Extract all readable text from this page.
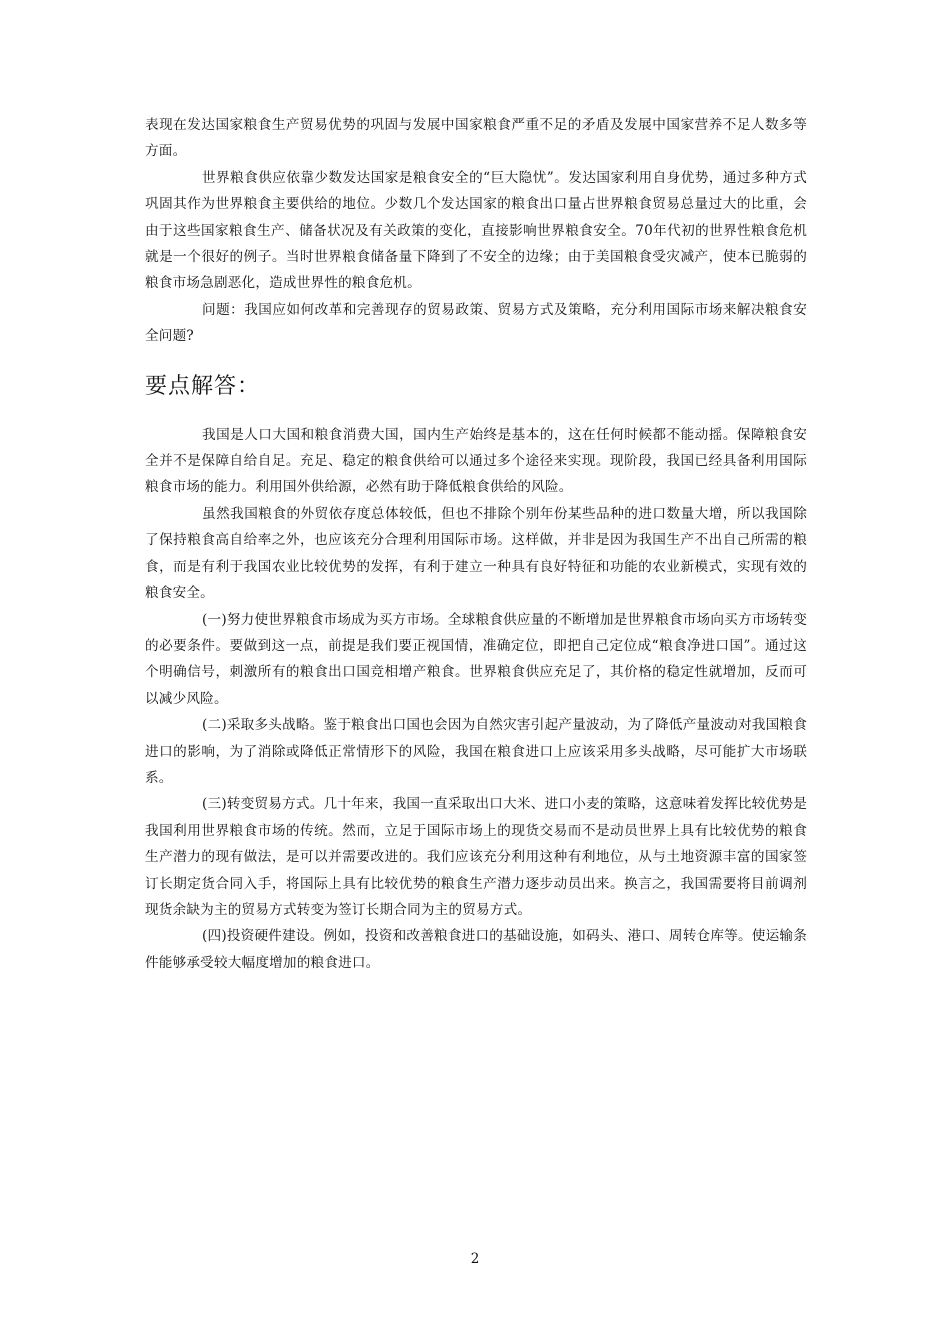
表现在发达国家粮食生产贸易优势的巩固与发展中国家粮食严重不足的矛盾及发展中国家营养不足人数多等方面。

世界粮食供应依靠少数发达国家是粮食安全的“巨大隐忧”。发达国家利用自身优势，通过多种方式巩固其作为世界粮食主要供给的地位。少数几个发达国家的粮食出口量占世界粮食贸易总量过大的比重，会由于这些国家粮食生产、储备状况及有关政策的变化，直接影响世界粮食安全。70年代初的世界性粮食危机就是一个很好的例子。当时世界粮食储备量下降到了不安全的边缘；由于美国粮食受灾减产，使本已脆弱的粮食市场急剧恶化，造成世界性的粮食危机。

问题：我国应如何改革和完善现存的贸易政策、贸易方式及策略，充分利用国际市场来解决粮食安全问题?

要点解答：

我国是人口大国和粮食消费大国，国内生产始终是基本的，这在任何时候都不能动摇。保障粮食安全并不是保障自给自足。充足、稳定的粮食供给可以通过多个途径来实现。现阶段，我国已经具备利用国际粮食市场的能力。利用国外供给源，必然有助于降低粮食供给的风险。

虽然我国粮食的外贸依存度总体较低，但也不排除个别年份某些品种的进口数量大增，所以我国除了保持粮食高自给率之外，也应该充分合理利用国际市场。这样做，并非是因为我国生产不出自己所需的粮食，而是有利于我国农业比较优势的发挥，有利于建立一种具有良好特征和功能的农业新模式，实现有效的粮食安全。

(一)努力使世界粮食市场成为买方市场。全球粮食供应量的不断增加是世界粮食市场向买方市场转变的必要条件。要做到这一点，前提是我们要正视国情，准确定位，即把自己定位成“粮食净进口国”。通过这个明确信号，刺激所有的粮食出口国竞相增产粮食。世界粮食供应充足了，其价格的稳定性就增加，反而可以减少风险。

(二)采取多头战略。鉴于粮食出口国也会因为自然灾害引起产量波动，为了降低产量波动对我国粮食进口的影响，为了消除或降低正常情形下的风险，我国在粮食进口上应该采用多头战略，尽可能扩大市场联系。

(三)转变贸易方式。几十年来，我国一直采取出口大米、进口小麦的策略，这意味着发挥比较优势是我国利用世界粮食市场的传统。然而，立足于国际市场上的现货交易而不是动员世界上具有比较优势的粮食生产潜力的现有做法，是可以并需要改进的。我们应该充分利用这种有利地位，从与土地资源丰富的国家签订长期定货合同入手，将国际上具有比较优势的粮食生产潜力逐步动员出来。换言之，我国需要将目前调剂现货余缺为主的贸易方式转变为签订长期合同为主的贸易方式。

(四)投资硬件建设。例如，投资和改善粮食进口的基础设施，如码头、港口、周转仓库等。使运输条件能够承受较大幅度增加的粮食进口。

2
